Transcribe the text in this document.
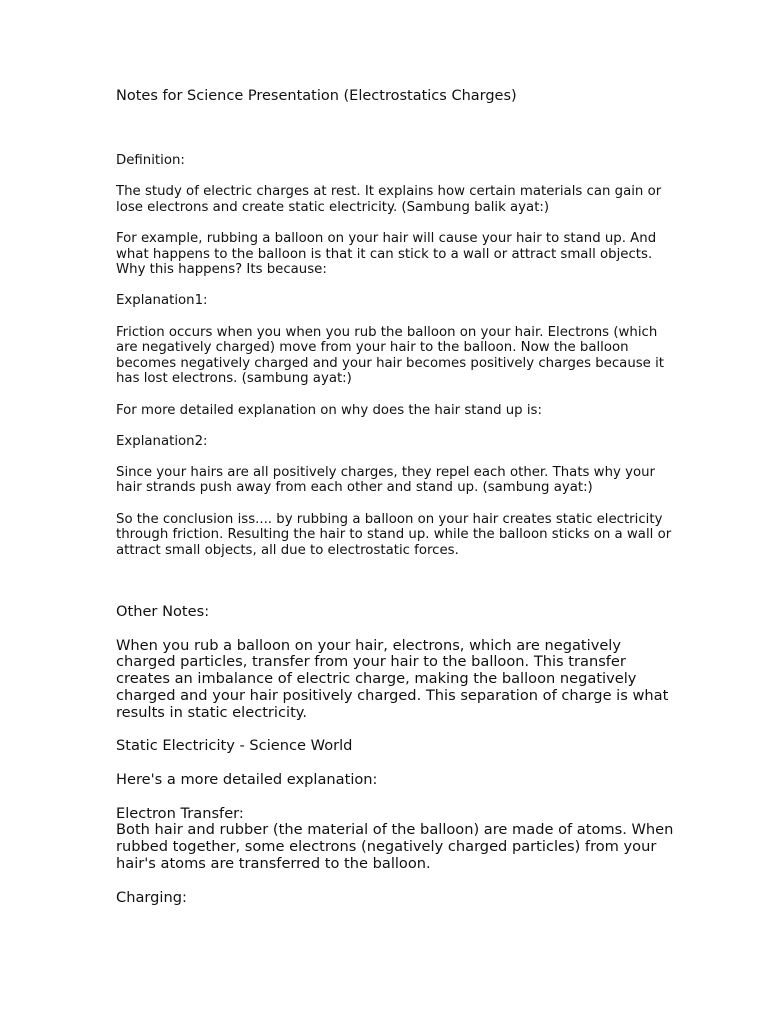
Notes for Science Presentation (Electrostatics Charges)

Definition:

The study of electric charges at rest. It explains how certain materials can gain or lose electrons and create static electricity. (Sambung balik ayat:)

For example, rubbing a balloon on your hair will cause your hair to stand up. And what happens to the balloon is that it can stick to a wall or attract small objects. Why this happens? Its because:

Explanation1:

Friction occurs when you when you rub the balloon on your hair. Electrons (which are negatively charged) move from your hair to the balloon. Now the balloon becomes negatively charged and your hair becomes positively charges because it has lost electrons. (sambung ayat:)

For more detailed explanation on why does the hair stand up is:

Explanation2:

Since your hairs are all positively charges, they repel each other. Thats why your hair strands push away from each other and stand up. (sambung ayat:)

So the conclusion iss.... by rubbing a balloon on your hair creates static electricity through friction. Resulting the hair to stand up. while the balloon sticks on a wall or attract small objects, all due to electrostatic forces.

Other Notes:

When you rub a balloon on your hair, electrons, which are negatively charged particles, transfer from your hair to the balloon. This transfer creates an imbalance of electric charge, making the balloon negatively charged and your hair positively charged. This separation of charge is what results in static electricity.

Static Electricity - Science World

Here's a more detailed explanation:

Electron Transfer:

Both hair and rubber (the material of the balloon) are made of atoms. When rubbed together, some electrons (negatively charged particles) from your hair's atoms are transferred to the balloon.

Charging:
